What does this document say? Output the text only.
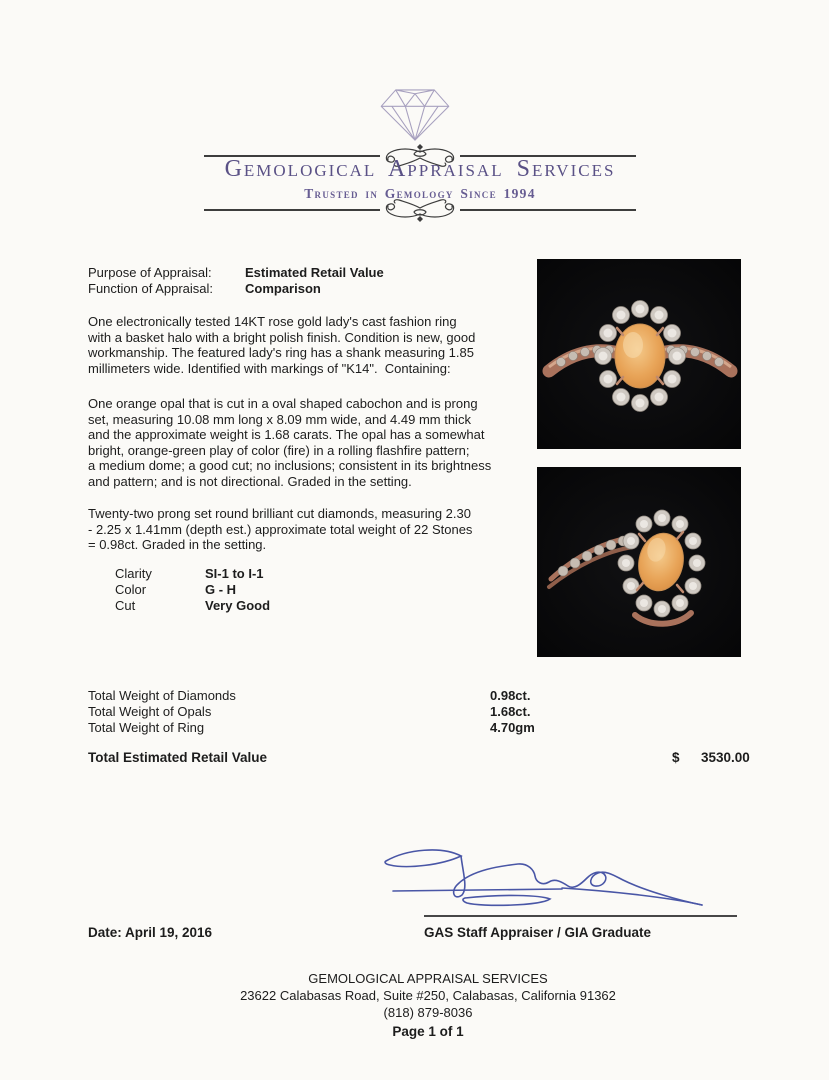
Gemological Appraisal Services
Trusted in Gemology Since 1994
Purpose of Appraisal:	Estimated Retail Value
Function of Appraisal: Comparison
One electronically tested 14KT rose gold lady's cast fashion ring
with a basket halo with a bright polish finish. Condition is new, good
workmanship. The featured lady's ring has a shank measuring 1.85
millimeters wide. Identified with markings of "K14".  Containing:
One orange opal that is cut in a oval shaped cabochon and is prong
set, measuring 10.08 mm long x 8.09 mm wide, and 4.49 mm thick
and the approximate weight is 1.68 carats. The opal has a somewhat
bright, orange-green play of color (fire) in a rolling flashfire pattern;
a medium dome; a good cut; no inclusions; consistent in its brightness
and pattern; and is not directional. Graded in the setting.
Twenty-two prong set round brilliant cut diamonds, measuring 2.30
- 2.25 x 1.41mm (depth est.) approximate total weight of 22 Stones
= 0.98ct. Graded in the setting.
Clarity	SI-1 to I-1
Color	G - H
Cut	Very Good
Total Weight of Diamonds	0.98ct.
Total Weight of Opals	1.68ct.
Total Weight of Ring	4.70gm
Total Estimated Retail Value	$ 3530.00
GAS Staff Appraiser / GIA Graduate
Date: April 19, 2016
GEMOLOGICAL APPRAISAL SERVICES
23622 Calabasas Road, Suite #250, Calabasas, California 91362
(818) 879-8036
Page 1 of 1
